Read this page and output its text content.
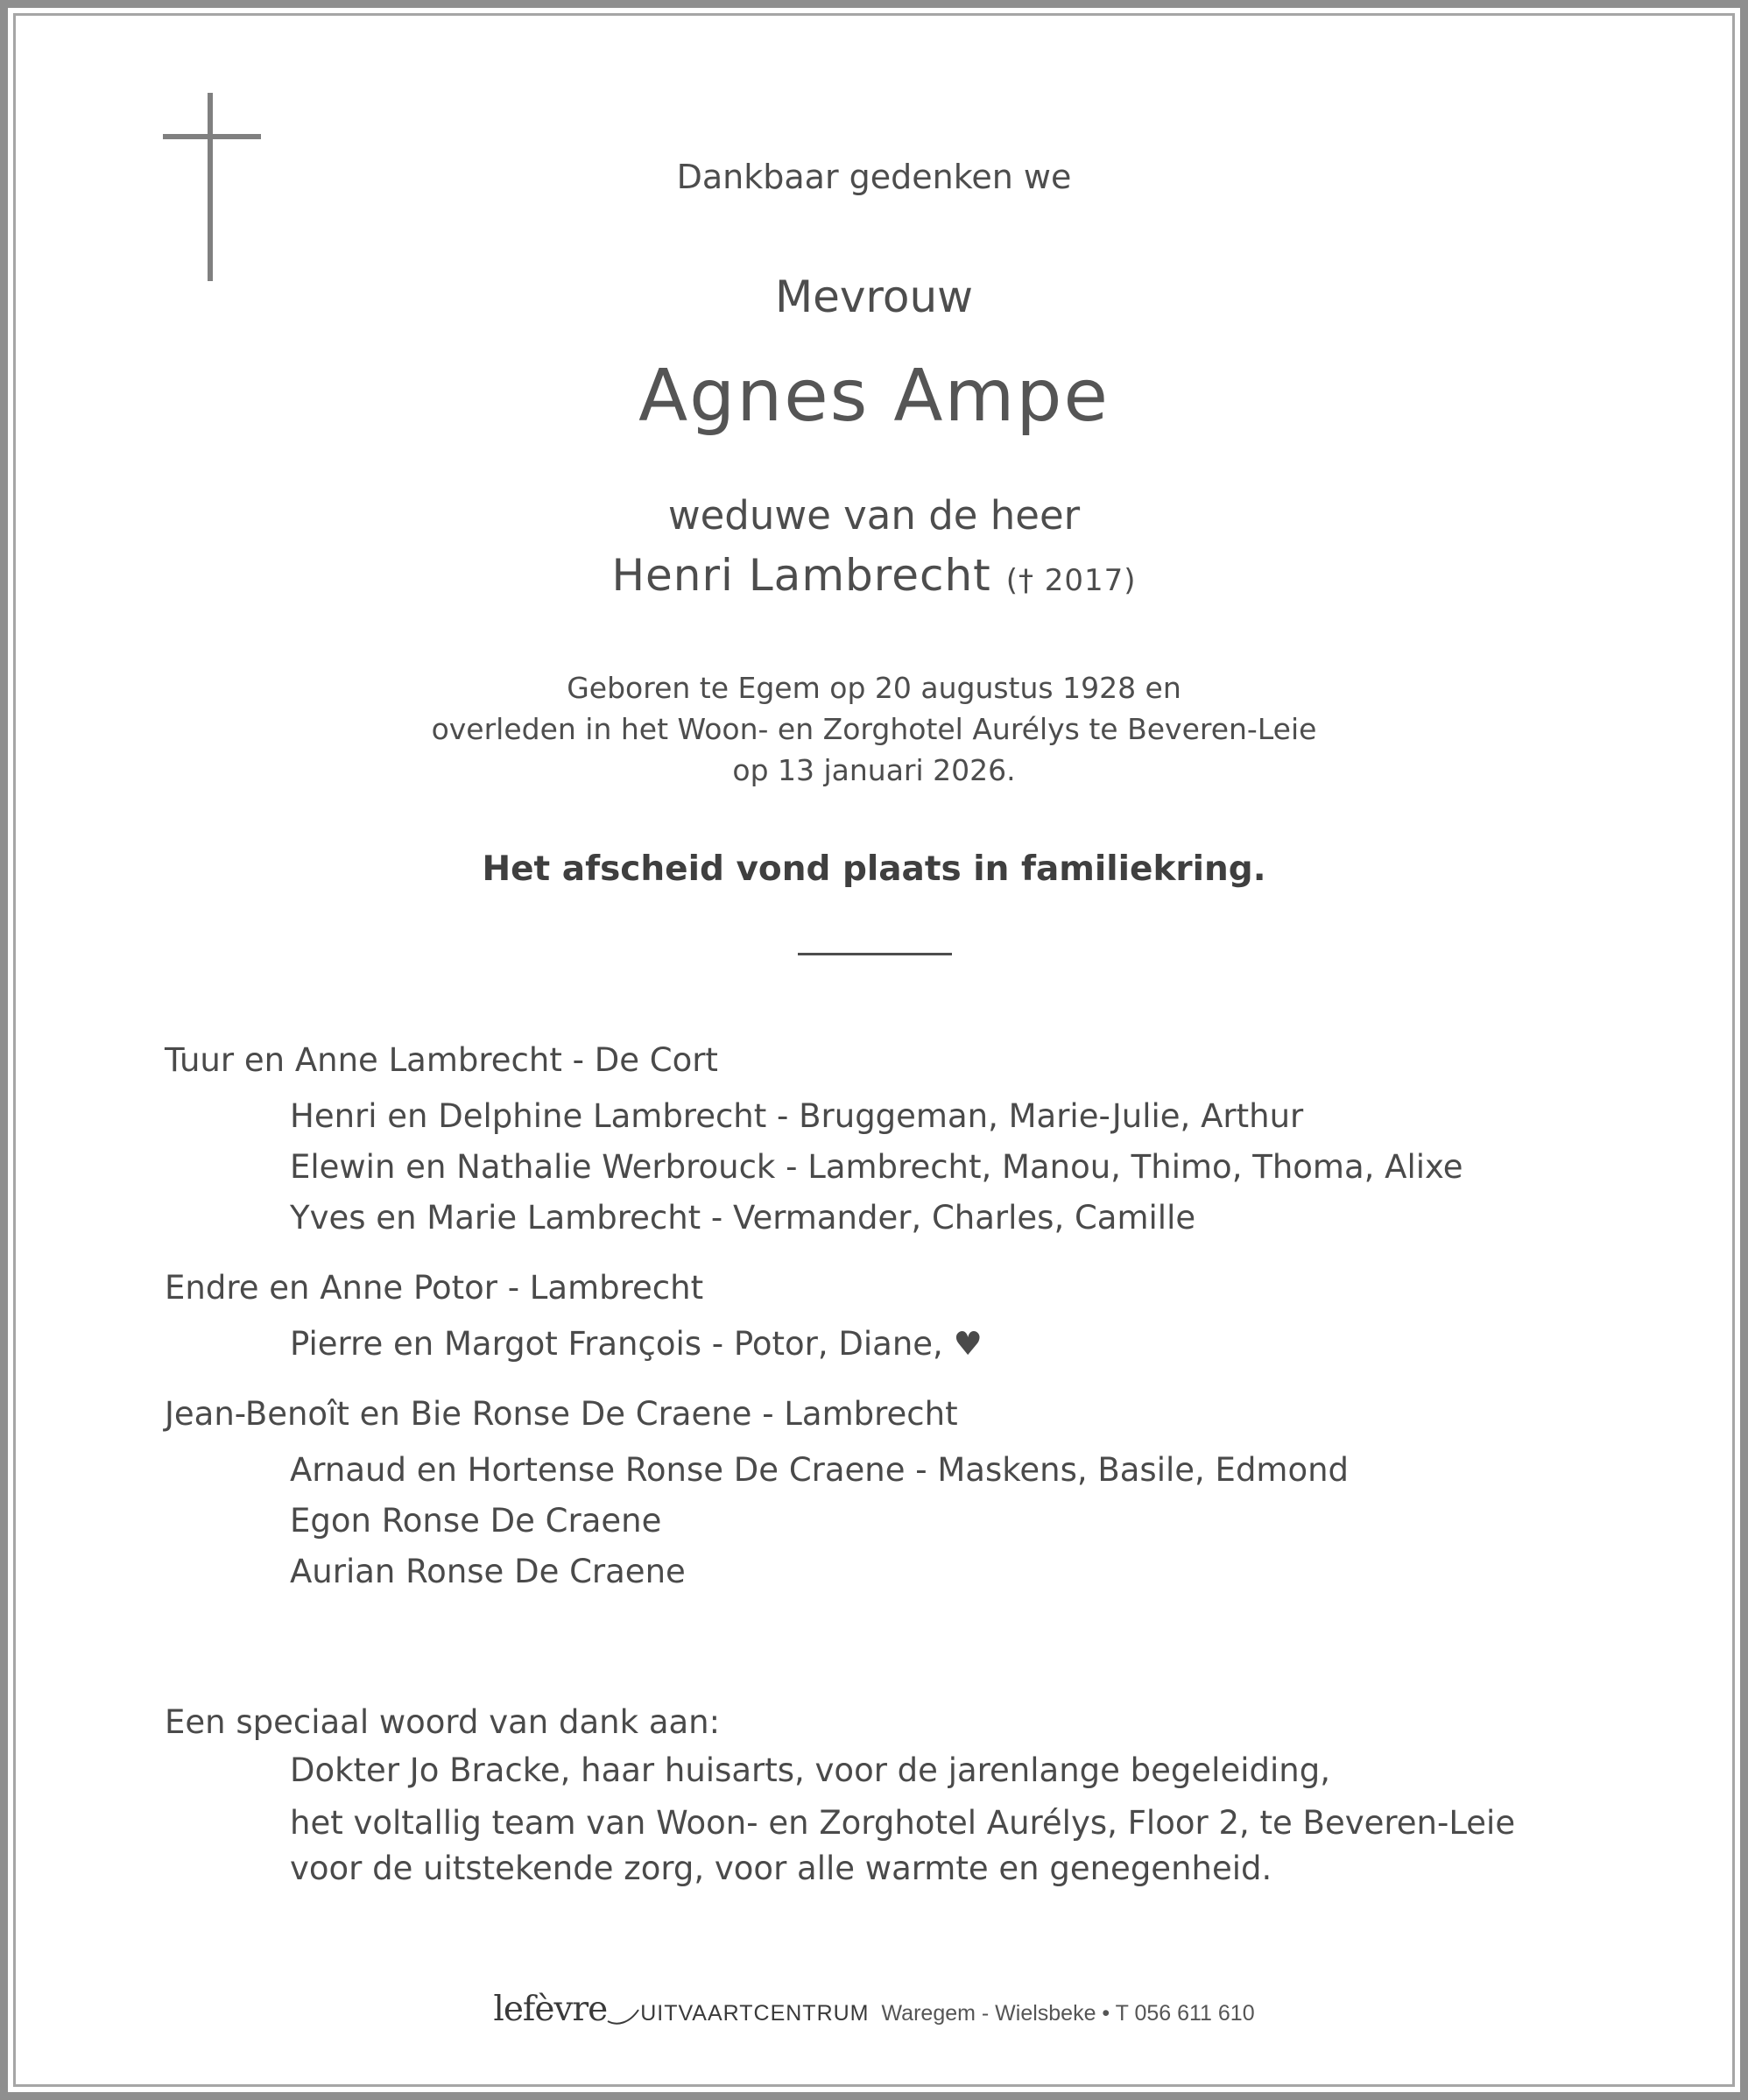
Dankbaar gedenken we
Mevrouw
Agnes Ampe
weduwe van de heer
Henri Lambrecht († 2017)
Geboren te Egem op 20 augustus 1928 en
overleden in het Woon- en Zorghotel Aurélys te Beveren-Leie
op 13 januari 2026.
Het afscheid vond plaats in familiekring.
Tuur en Anne Lambrecht - De Cort
Henri en Delphine Lambrecht - Bruggeman, Marie-Julie, Arthur
Elewin en Nathalie Werbrouck - Lambrecht, Manou, Thimo, Thoma, Alixe
Yves en Marie Lambrecht - Vermander, Charles, Camille
Endre en Anne Potor - Lambrecht
Pierre en Margot François - Potor, Diane, ♥
Jean-Benoît en Bie Ronse De Craene - Lambrecht
Arnaud en Hortense Ronse De Craene - Maskens, Basile, Edmond
Egon Ronse De Craene
Aurian Ronse De Craene
Een speciaal woord van dank aan:
Dokter Jo Bracke, haar huisarts, voor de jarenlange begeleiding,
het voltallig team van Woon- en Zorghotel Aurélys, Floor 2, te Beveren-Leie
voor de uitstekende zorg, voor alle warmte en genegenheid.
lefèvre UITVAARTCENTRUM Waregem - Wielsbeke • T 056 611 610
